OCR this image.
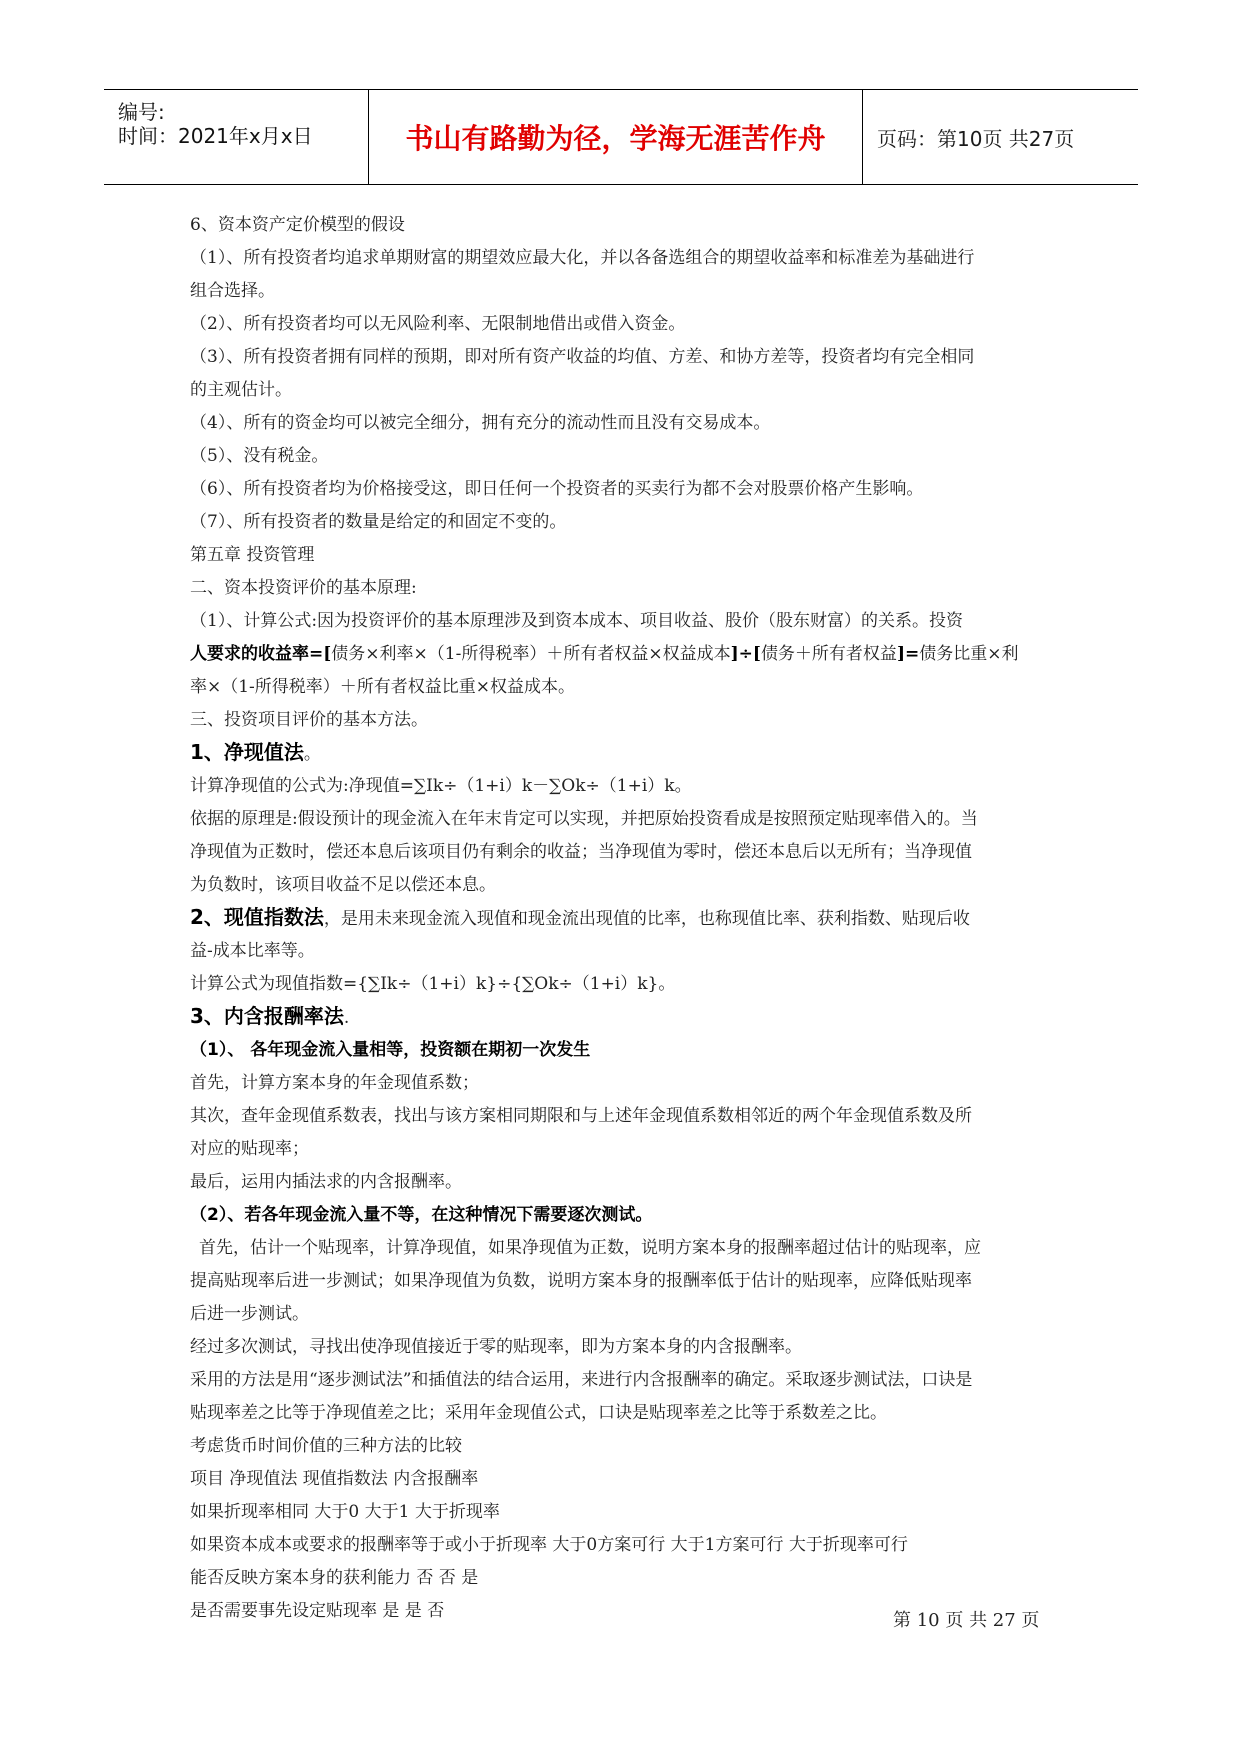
编号:
时间：2021年x月x日	书山有路勤为径，学海无涯苦作舟	页码：第10页 共27页
6、资本资产定价模型的假设
（1）、所有投资者均追求单期财富的期望效应最大化，并以各备选组合的期望收益率和标准差为基础进行
组合选择。
（2）、所有投资者均可以无风险利率、无限制地借出或借入资金。
（3）、所有投资者拥有同样的预期，即对所有资产收益的均值、方差、和协方差等，投资者均有完全相同
的主观估计。
（4）、所有的资金均可以被完全细分，拥有充分的流动性而且没有交易成本。
（5）、没有税金。
（6）、所有投资者均为价格接受这，即日任何一个投资者的买卖行为都不会对股票价格产生影响。
（7）、所有投资者的数量是给定的和固定不变的。
第五章 投资管理
二、资本投资评价的基本原理:
（1）、计算公式:因为投资评价的基本原理涉及到资本成本、项目收益、股价（股东财富）的关系。投资
人要求的收益率=[债务×利率×（1-所得税率）＋所有者权益×权益成本]÷[债务＋所有者权益]=债务比重×利
率×（1-所得税率）＋所有者权益比重×权益成本。
三、投资项目评价的基本方法。
1、净现值法。
计算净现值的公式为:净现值=∑Ik÷（1+i）k－∑Ok÷（1+i）k。
依据的原理是:假设预计的现金流入在年末肯定可以实现，并把原始投资看成是按照预定贴现率借入的。当
净现值为正数时，偿还本息后该项目仍有剩余的收益；当净现值为零时，偿还本息后以无所有；当净现值
为负数时，该项目收益不足以偿还本息。
2、现值指数法，是用未来现金流入现值和现金流出现值的比率，也称现值比率、获利指数、贴现后收
益-成本比率等。
计算公式为现值指数={∑Ik÷（1+i）k}÷{∑Ok÷（1+i）k}。
3、内含报酬率法.
（1）、 各年现金流入量相等，投资额在期初一次发生
首先，计算方案本身的年金现值系数；
其次，查年金现值系数表，找出与该方案相同期限和与上述年金现值系数相邻近的两个年金现值系数及所
对应的贴现率；
最后，运用内插法求的内含报酬率。
（2）、若各年现金流入量不等，在这种情况下需要逐次测试。
首先，估计一个贴现率，计算净现值，如果净现值为正数，说明方案本身的报酬率超过估计的贴现率，应
提高贴现率后进一步测试；如果净现值为负数，说明方案本身的报酬率低于估计的贴现率，应降低贴现率
后进一步测试。
经过多次测试，寻找出使净现值接近于零的贴现率，即为方案本身的内含报酬率。
采用的方法是用“逐步测试法”和插值法的结合运用，来进行内含报酬率的确定。采取逐步测试法，口诀是
贴现率差之比等于净现值差之比；采用年金现值公式，口诀是贴现率差之比等于系数差之比。
考虑货币时间价值的三种方法的比较
项目 净现值法 现值指数法 内含报酬率
如果折现率相同 大于0 大于1 大于折现率
如果资本成本或要求的报酬率等于或小于折现率 大于0方案可行 大于1方案可行 大于折现率可行
能否反映方案本身的获利能力 否 否 是
是否需要事先设定贴现率 是 是 否	第 10 页 共 27 页
